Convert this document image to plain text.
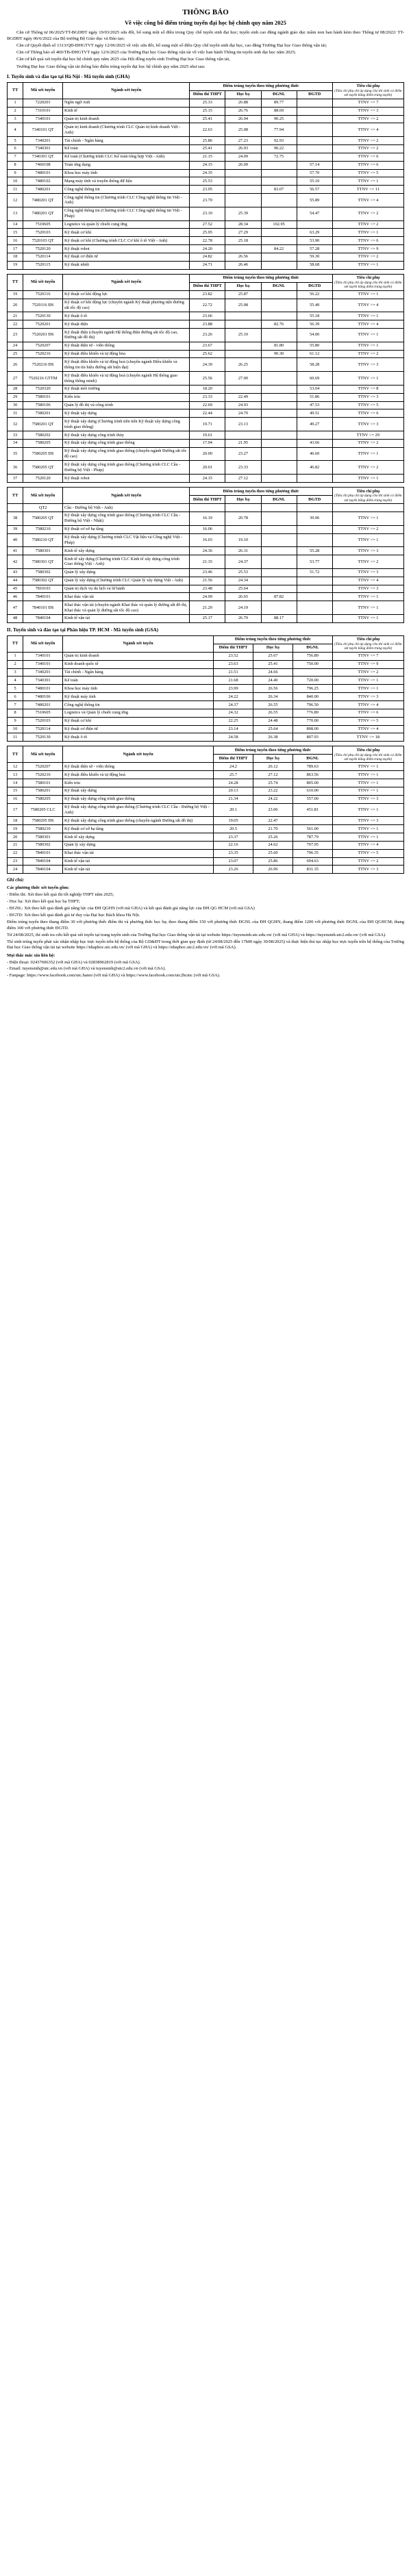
THÔNG BÁO
Về việc công bố điểm trúng tuyển đại học hệ chính quy năm 2025

Căn cứ Thông tư 06/2025/TT-BGDĐT ngày 19/03/2025 sửa đổi, bổ sung một số điều trong Quy chế tuyển sinh đại học; tuyển sinh cao đẳng ngành giáo dục mầm non ban hành kèm theo Thông tư 08/2022/ TT-BGDĐT ngày 06/6/2022 của Bộ trưởng Bộ Giáo dục và Đào tạo;

Căn cứ Quyết định số 1313/QĐ-ĐHGTVT ngày 12/06/2025 về việc sửa đổi, bổ sung một số điều Quy chế tuyển sinh đại học, cao đẳng Trường Đại học Giao thông vận tải;

Căn cứ Thông báo số 469/TB-ĐHGTVT ngày 12/6/2025 của Trường Đại học Giao thông vận tải về việc ban hành Thông tin tuyển sinh đại học năm 2025;

Căn cứ kết quả xét tuyển đại học hệ chính quy năm 2025 của Hội đồng tuyển sinh Trường Đại học Giao thông vận tải,

Trường Đại học Giao thông vận tải thông báo điểm trúng tuyển đại học hệ chính quy năm 2025 như sau:

I. Tuyển sinh và đào tạo tại Hà Nội - Mã tuyển sinh (GHA)
TT	Mã xét tuyển	Ngành xét tuyển	Điểm trúng tuyển theo từng phương thức				Tiêu chí phụ
(Tiêu chí phụ chỉ áp dụng cho thí sinh có điểm xét tuyển bằng điểm trúng tuyển)

			Điểm thi THPT	Học bạ	ĐGNL	ĐGTD	
1	7220201	Ngôn ngữ Anh	25.33	26.88	89.77		TTNV <= 7
2	7310101	Kinh tế	25.15	26.76	88.69		TTNV <= 3
3	7340101	Quản trị kinh doanh	25.41	26.94	90.25		TTNV <= 2
4	7340101 QT	Quản trị kinh doanh (Chương trình CLC Quản trị kinh doanh Việt - Anh)	22.63	25.08	77.94		TTNV <= 4
5	7340201	Tài chính - Ngân hàng	25.86	27.23	92.93		TTNV <= 2
6	7340301	Kế toán	25.41	26.93	90.22		TTNV <= 2
7	7340301 QT	Kế toán (Chương trình CLC Kế toán tổng hợp Việt - Anh)	21.15	24.09	72.75		TTNV <= 6
8	7460108	Toán ứng dụng	24.15	26.09		57.14	TTNV <= 6
9	7480101	Khoa học máy tính	24.35			57.70	TTNV <= 5
10	7480102	Mạng máy tính và truyền thông dữ liệu	25.53			55.10	TTNV <= 1
11	7480201	Công nghệ thông tin	23.95		83.07	56.57	TTNV <= 11
12	7480201 QT	Công nghệ thông tin (Chương trình CLC Công nghệ thông tin Việt - Anh)	23.70			55.89	TTNV <= 4
13	7480201 QT	Công nghệ thông tin (Chương trình CLC Công nghệ thông tin Việt - Pháp)	23.10	25.39		54.47	TTNV <= 2
14	7510605	Logistics và quản lý chuỗi cung ứng	27.52	28.34	102.95		TTNV <= 2
15	7520103	Kỹ thuật cơ khí	25.95	27.29		63.29	TTNV <= 1
16	7520103 QT	Kỹ thuật cơ khí (Chương trình CLC Cơ khí ô tô Việt - Anh)	22.78	25.18		53.90	TTNV <= 6
17	7520120	Kỹ thuật robot	24.20		84.22	57.28	TTNV <= 9
18	7520114	Kỹ thuật cơ điện tử	24.82	26.56		59.30	TTNV <= 2
19	7520115	Kỹ thuật nhiệt	24.71	26.46		58.68	TTNV <= 1
TT	Mã xét tuyển	Ngành xét tuyển	Điểm trúng tuyển theo từng phương thức				Tiêu chí phụ
(Tiêu chí phụ chỉ áp dụng cho thí sinh có điểm xét tuyển bằng điểm trúng tuyển)

			Điểm thi THPT	Học bạ	ĐGNL	ĐGTD	
19	7520116	Kỹ thuật cơ khí động lực	23.82	25.87		56.22	TTNV <= 1
20	7520116 ĐS	Kỹ thuật cơ khí động lực (chuyên ngành Kỹ thuật phương tiện đường sắt tốc độ cao)	22.72	25.08		55.49	TTNV <= 4
21	7520130	Kỹ thuật ô tô	23.66			55.18	TTNV <= 1
22	7520201	Kỹ thuật điện	23.88		82.76	56.39	TTNV <= 4
23	7520201 ĐS	Kỹ thuật điện (chuyên ngành Hệ thống điện đường sắt tốc độ cao, Đường sắt đô thị)	23.26	25.10		54.00	TTNV <= 1
24	7520207	Kỹ thuật điện tử - viễn thông	23.67		81.80	55.80	TTNV <= 1
25	7520216	Kỹ thuật điều khiển và tự động hóa	25.62		90.30	61.12	TTNV <= 2
26	7520216 ĐS	Kỹ thuật điều khiển và tự động hoá (chuyên ngành Điều khiển và thông tin tín hiệu đường sắt hiện đại)	24.39	26.25		58.28	TTNV <= 3
27	7520216 GTTM	Kỹ thuật điều khiển và tự động hoá (chuyên ngành Hệ thống giao thông thông minh)	25.56	27.00		60.69	TTNV <= 1
28	7520320	Kỹ thuật môi trường	18.20			53.04	TTNV <= 8
29	7580101	Kiến trúc	23.33	22.49		51.86	TTNV <= 3
30	7580106	Quản lý đô thị và công trình	22.69	24.93		47.53	TTNV <= 5
31	7580201	Kỹ thuật xây dựng	22.44	24.70		49.51	TTNV <= 6
32	7580201 QT	Kỹ thuật xây dựng (Chương trình tiên tiến Kỹ thuật xây dựng công trình giao thông)	19.71	23.13		49.27	TTNV <= 3
33	7580202	Kỹ thuật xây dựng công trình thủy	19.61				TTNV <= 29
34	7580205	Kỹ thuật xây dựng công trình giao thông	17.94	21.95		43.66	TTNV <= 2
35	7580205 ĐS	Kỹ thuật xây dựng công trình giao thông (chuyên ngành Đường sắt tốc độ cao)	20.00	23.27		46.60	TTNV <= 1
36	7580205 QT	Kỹ thuật xây dựng công trình giao thông (Chương trình CLC Cầu - Đường bộ Việt - Pháp)	20.01	23.33		46.82	TTNV <= 2
37	7520120	Kỹ thuật robot	24.15	27.12			TTNV <= 1
TT	Mã xét tuyển	Ngành xét tuyển	Điểm trúng tuyển theo từng phương thức				Tiêu chí phụ
(Tiêu chí phụ chỉ áp dụng cho thí sinh có điểm xét tuyển bằng điểm trúng tuyển)

			Điểm thi THPT	Học bạ	ĐGNL	ĐGTD	
	QT2	Cầu - Đường bộ Việt - Anh)					
38	7580205 QT	Kỹ thuật xây dựng công trình giao thông (Chương trình CLC Cầu - Đường bộ Việt - Nhật)	16.19	20.78		39.96	TTNV <= 1
39	7580210	Kỹ thuật cơ sở hạ tầng	16.06				TTNV <= 2
40	7580210 QT	Kỹ thuật xây dựng (Chương trình CLC Vật liệu và Công nghệ Việt - Pháp)	16.03	19.10			TTNV <= 1
41	7580301	Kinh tế xây dựng	24.36	26.31		55.28	TTNV <= 3
42	7580301 QT	Kinh tế xây dựng (Chương trình CLC Kinh tế xây dựng công trình Giao thông Việt - Anh)	21.35	24.37		53.77	TTNV <= 2
43	7580302	Quản lý xây dựng	23.46	25.53		51.72	TTNV <= 3
44	7580302 QT	Quản lý xây dựng (Chương trình CLC Quản lý xây dựng Việt - Anh)	21.56	24.34			TTNV <= 4
45	7810103	Quản trị dịch vụ du lịch và lữ hành	23.48	25.64			TTNV <= 3
46	7840101	Khai thác vận tải	24.99	26.65	87.82		TTNV <= 1
47	7840101 ĐS	Khai thác vận tải (chuyên ngành Khai thác và quản lý đường sắt đô thị, Khai thác và quản lý đường sắt tốc độ cao)	21.29	24.19			TTNV <= 1
48	7840104	Kinh tế vận tải	25.17	26.70	88.17		TTNV <= 1
II. Tuyển sinh và đào tạo tại Phân hiệu TP. HCM - Mã tuyển sinh (GSA)
TT	Mã xét tuyển	Ngành xét tuyển	Điểm trúng tuyển theo từng phương thức			Tiêu chí phụ
(Tiêu chí phụ chỉ áp dụng cho thí sinh có điểm xét tuyển bằng điểm trúng tuyển)

			Điểm thi THPT	Học bạ	ĐGNL	
1	7340101	Quản trị kinh doanh	23.52	25.67	756.89	TTNV <= 7
2	7340101	Kinh doanh quốc tế	23.63	25.41	750.00	TTNV <= 9
3	7340201	Tài chính - Ngân hàng	21.51	24.66		TTNV <= 2
4	7340301	Kế toán	21.68	24.40	720.00	TTNV <= 1
5	7480101	Khoa học máy tính	23.99	26.56	796.25	TTNV <= 1
6	7480106	Kỹ thuật máy tính	24.22	26.34	840.00	TTNV <= 3
7	7480201	Công nghệ thông tin	24.37	26.55	796.50	TTNV <= 4
8	7510605	Logistics và Quản lý chuỗi cung ứng	24.32	26.55	776.89	TTNV <= 6
9	7520103	Kỹ thuật cơ khí	22.25	24.48	770.00	TTNV <= 5
10	7520114	Kỹ thuật cơ điện tử	23.14	25.64	808.00	TTNV <= 4
11	7520130	Kỹ thuật ô tô	24.58	26.38	807.93	TTNV <= 18
TT	Mã xét tuyển	Ngành xét tuyển	Điểm trúng tuyển theo từng phương thức			Tiêu chí phụ
(Tiêu chí phụ chỉ áp dụng cho thí sinh có điểm xét tuyển bằng điểm trúng tuyển)

			Điểm thi THPT	Học bạ	ĐGNL	
12	7520207	Kỹ thuật điện tử - viễn thông	24.2	26.12	789.63	TTNV <= 1
13	7520216	Kỹ thuật điều khiển và tự động hoá	25.7	27.12	863.56	TTNV <= 1
14	7580101	Kiến trúc	24.28	25.74	805.00	TTNV <= 1
15	7580201	Kỹ thuật xây dựng	20.13	23.22	610.00	TTNV <= 1
16	7580205	Kỹ thuật xây dựng công trình giao thông	21.34	24.22	557.00	TTNV <= 3
17	7580205 CLC	Kỹ thuật xây dựng công trình giao thông (Chương trình CLC Cầu - Đường bộ Việt - Anh)	20.1	23.06	451.81	TTNV <= 1
18	7580205 ĐS	Kỹ thuật xây dựng công trình giao thông (chuyên ngành Đường sắt đô thị)	19.05	22.47		TTNV <= 3
19	7580210	Kỹ thuật cơ sở hạ tầng	20.5	21.70	561.00	TTNV <= 1
20	7580301	Kinh tế xây dựng	23.37	25.26	787.79	TTNV <= 1
21	7580302	Quản lý xây dựng	22.16	24.62	707.95	TTNV <= 4
22	7840101	Khai thác vận tải	23.35	25.60	796.35	TTNV <= 5
23	7840104	Kinh tế vận tải	23.07	25.86	694.63	TTNV <= 2
24	7840104	Kinh tế vận tải	23.26	26.96	831.35	TTNV <= 3
Ghi chú:

Các phương thức xét tuyển gồm:

- Điểm thi: Xét theo kết quả thi tốt nghiệp THPT năm 2025;

- Học bạ: Xét theo kết quả học bạ THPT;

- ĐGNL: Xét theo kết quả đánh giá năng lực của ĐH QGHN (với mã GHA) và kết quả đánh giá năng lực của ĐH QG HCM (với mã GSA)

- ĐGTD: Xét theo kết quả đánh giá tư duy của Đại học Bách khoa Hà Nội.

Điểm trúng tuyển theo thang điểm 30 với phương thức điểm thi và phương thức học bạ; theo thang điểm 150 với phương thức ĐGNL của ĐH QGHN, thang điểm 1200 với phương thức ĐGNL của ĐH QGHCM; thang điểm 100 với phương thức ĐGTD.

Từ 24/08/2025, thí sinh tra cứu kết quả xét tuyển tại trang tuyển sinh của Trường Đại học Giao thông vận tải tại website https://tuyensinh.utc.edu.vn/ (với mã GHA) và https://tuyensinh.utc2.edu.vn/ (với mã GSA).

Thí sinh trúng tuyển phải xác nhận nhập học trực tuyến trên hệ thống của Bộ GD&ĐT trong thời gian quy định (từ 24/08/2025 đến 17h00 ngày 30/08/2025) và thực hiện thủ tục nhập học trực tuyến trên hệ thống của Trường Đại học Giao thông vận tải tại website https://nhaphoc.utc.edu.vn/ (với mã GHA) và https://nhaphoc.utc2.edu.vn/ (với mã GSA).

Mọi thắc mắc xin liên hệ:
- Điện thoại: 02437606352 (với mã GHA) và 02838962819 (với mã GSA).
- Email: tuyensinh@utc.edu.vn (với mã GHA) và tuyensinh@utc2.edu.vn (với mã GSA).
- Fanpage: https://www.facebook.com/utc.hanoi (với mã GHA) và https://www.facebook.com/utc2hcmc (với mã GSA).
